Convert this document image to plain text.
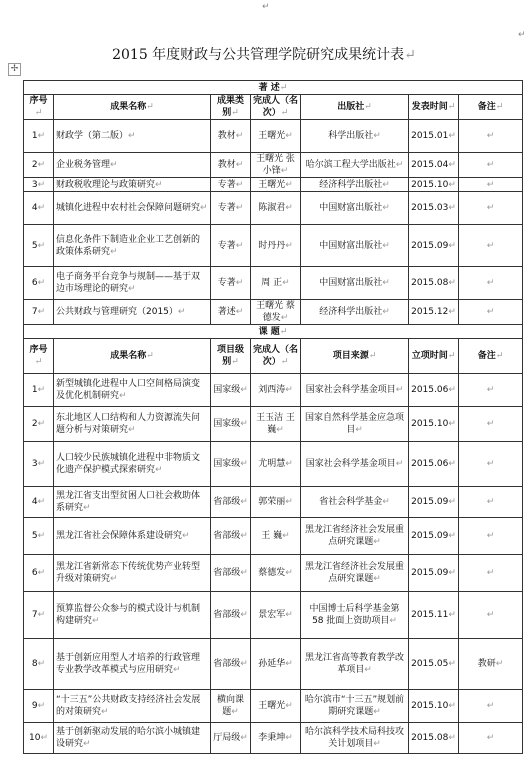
↵
↵
✢
2015 年度财政与公共管理学院研究成果统计表↵
著 述↵						
序号↵	成果名称↵	成果类别↵	完成人（名次）↵	出版社↵	发表时间↵	备注↵
1↵	财政学（第二版）↵	教材↵	王曙光↵	科学出版社↵	2015.01↵	↵
2↵	企业税务管理↵	教材↵	王曙光 张小锋↵	哈尔滨工程大学出版社↵	2015.04↵	↵
3↵	财政税收理论与政策研究↵	专著↵	王曙光↵	经济科学出版社↵	2015.10↵	↵
4↵	城镇化进程中农村社会保障问题研究↵	专著↵	陈淑君↵	中国财富出版社↵	2015.03↵	↵
5↵	信息化条件下制造业企业工艺创新的政策体系研究↵	专著↵	时丹丹↵	中国财富出版社↵	2015.09↵	↵
6↵	电子商务平台竞争与规制——基于双边市场理论的研究↵	专著↵	周 正↵	中国财富出版社↵	2015.08↵	↵
7↵	公共财政与管理研究（2015）↵	著述↵	王曙光 蔡德发↵	经济科学出版社↵	2015.12↵	↵
课 题↵						
序号↵	成果名称↵	项目级别↵	完成人（名次）↵	项目来源↵	立项时间↵	备注↵
1↵	新型城镇化进程中人口空间格局演变及优化机制研究↵	国家级↵	刘西涛↵	国家社会科学基金项目↵	2015.06↵	↵
2↵	东北地区人口结构和人力资源流失问题分析与对策研究↵	国家级↵	王玉洁 王 巍↵	国家自然科学基金应急项目↵	2015.10↵	↵
3↵	人口较少民族城镇化进程中非物质文化遗产保护模式探索研究↵	国家级↵	尤明慧↵	国家社会科学基金项目↵	2015.06↵	↵
4↵	黑龙江省支出型贫困人口社会救助体系研究↵	省部级↵	郭荣丽↵	省社会科学基金↵	2015.09↵	↵
5↵	黑龙江省社会保障体系建设研究↵	省部级↵	王 巍↵	黑龙江省经济社会发展重点研究课题↵	2015.09↵	↵
6↵	黑龙江省新常态下传统优势产业转型升级对策研究↵	省部级↵	蔡德发↵	黑龙江省经济社会发展重点研究课题↵	2015.09↵	↵
7↵	预算监督公众参与的模式设计与机制构建研究↵	省部级↵	景宏军↵	中国博士后科学基金第 58 批面上资助项目↵	2015.11↵	↵
8↵	基于创新应用型人才培养的行政管理专业教学改革模式与应用研究↵	省部级↵	孙延华↵	黑龙江省高等教育教学改革项目↵	2015.05↵	教研↵
9↵	“十三五”公共财政支持经济社会发展的对策研究↵	横向课题↵	王曙光↵	哈尔滨市“十三五”规划前期研究课题↵	2015.10↵	↵
10↵	基于创新驱动发展的哈尔滨小城镇建设研究↵	厅局级↵	李秉坤↵	哈尔滨科学技术局科技攻关计划项目↵	2015.08↵	↵
